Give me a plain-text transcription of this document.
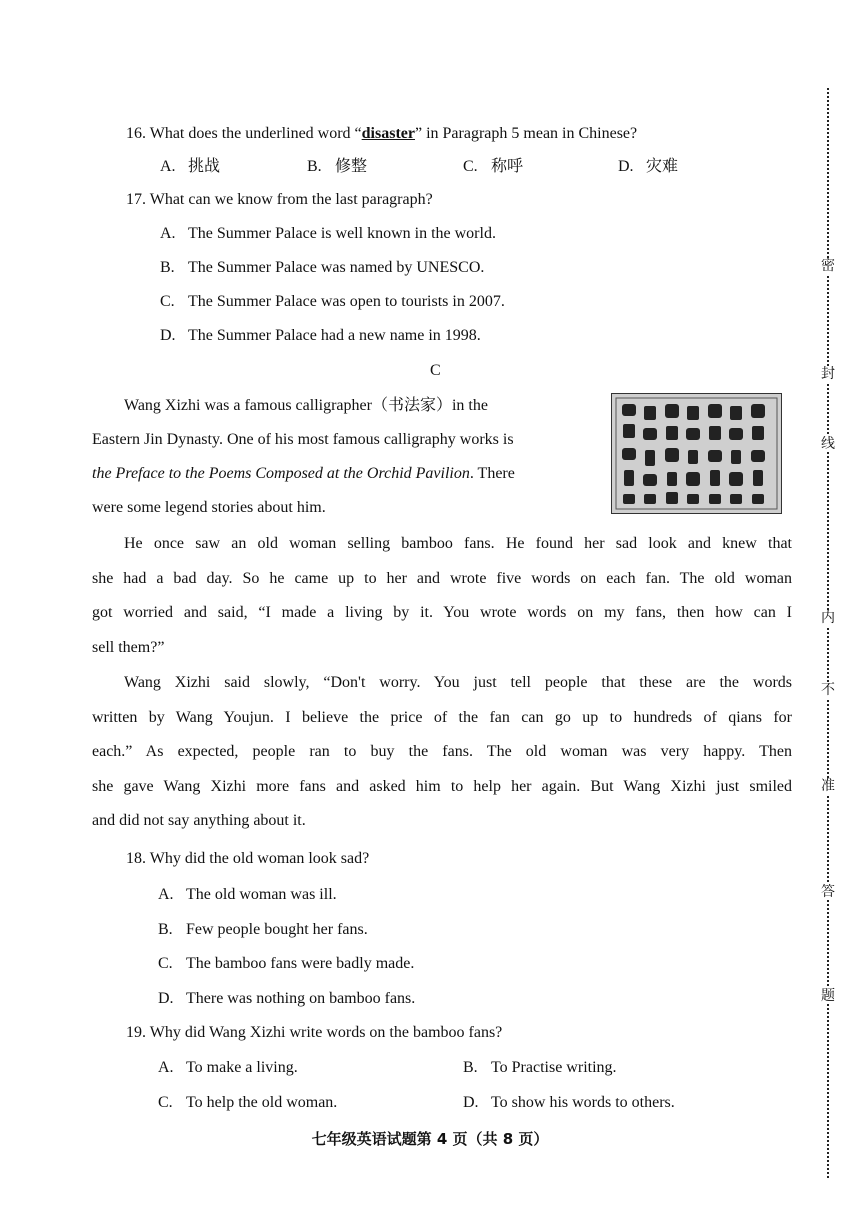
16. What does the underlined word “disaster” in Paragraph 5 mean in Chinese?
A. 挑战	B. 修整	C. 称呼	D. 灾难
17. What can we know from the last paragraph?
A. The Summer Palace is well known in the world.
B. The Summer Palace was named by UNESCO.
C. The Summer Palace was open to tourists in 2007.
D. The Summer Palace had a new name in 1998.
C
Wang Xizhi was a famous calligrapher（书法家）in the
Eastern Jin Dynasty. One of his most famous calligraphy works is
the Preface to the Poems Composed at the Orchid Pavilion. There
were some legend stories about him.
He once saw an old woman selling bamboo fans. He found her sad look and knew that
she had a bad day. So he came up to her and wrote five words on each fan. The old woman
got worried and said, “I made a living by it. You wrote words on my fans, then how can I
sell them?”
Wang Xizhi said slowly, “Don't worry. You just tell people that these are the words
written by Wang Youjun. I believe the price of the fan can go up to hundreds of qians for
each.” As expected, people ran to buy the fans. The old woman was very happy. Then
she gave Wang Xizhi more fans and asked him to help her again. But Wang Xizhi just smiled
and did not say anything about it.
18. Why did the old woman look sad?
A. The old woman was ill.
B. Few people bought her fans.
C. The bamboo fans were badly made.
D. There was nothing on bamboo fans.
19. Why did Wang Xizhi write words on the bamboo fans?
A. To make a living.	B. To Practise writing.
C. To help the old woman.	D. To show his words to others.
七年级英语试题第 4 页（共 8 页）
密
封
线
内
不
准
答
题
